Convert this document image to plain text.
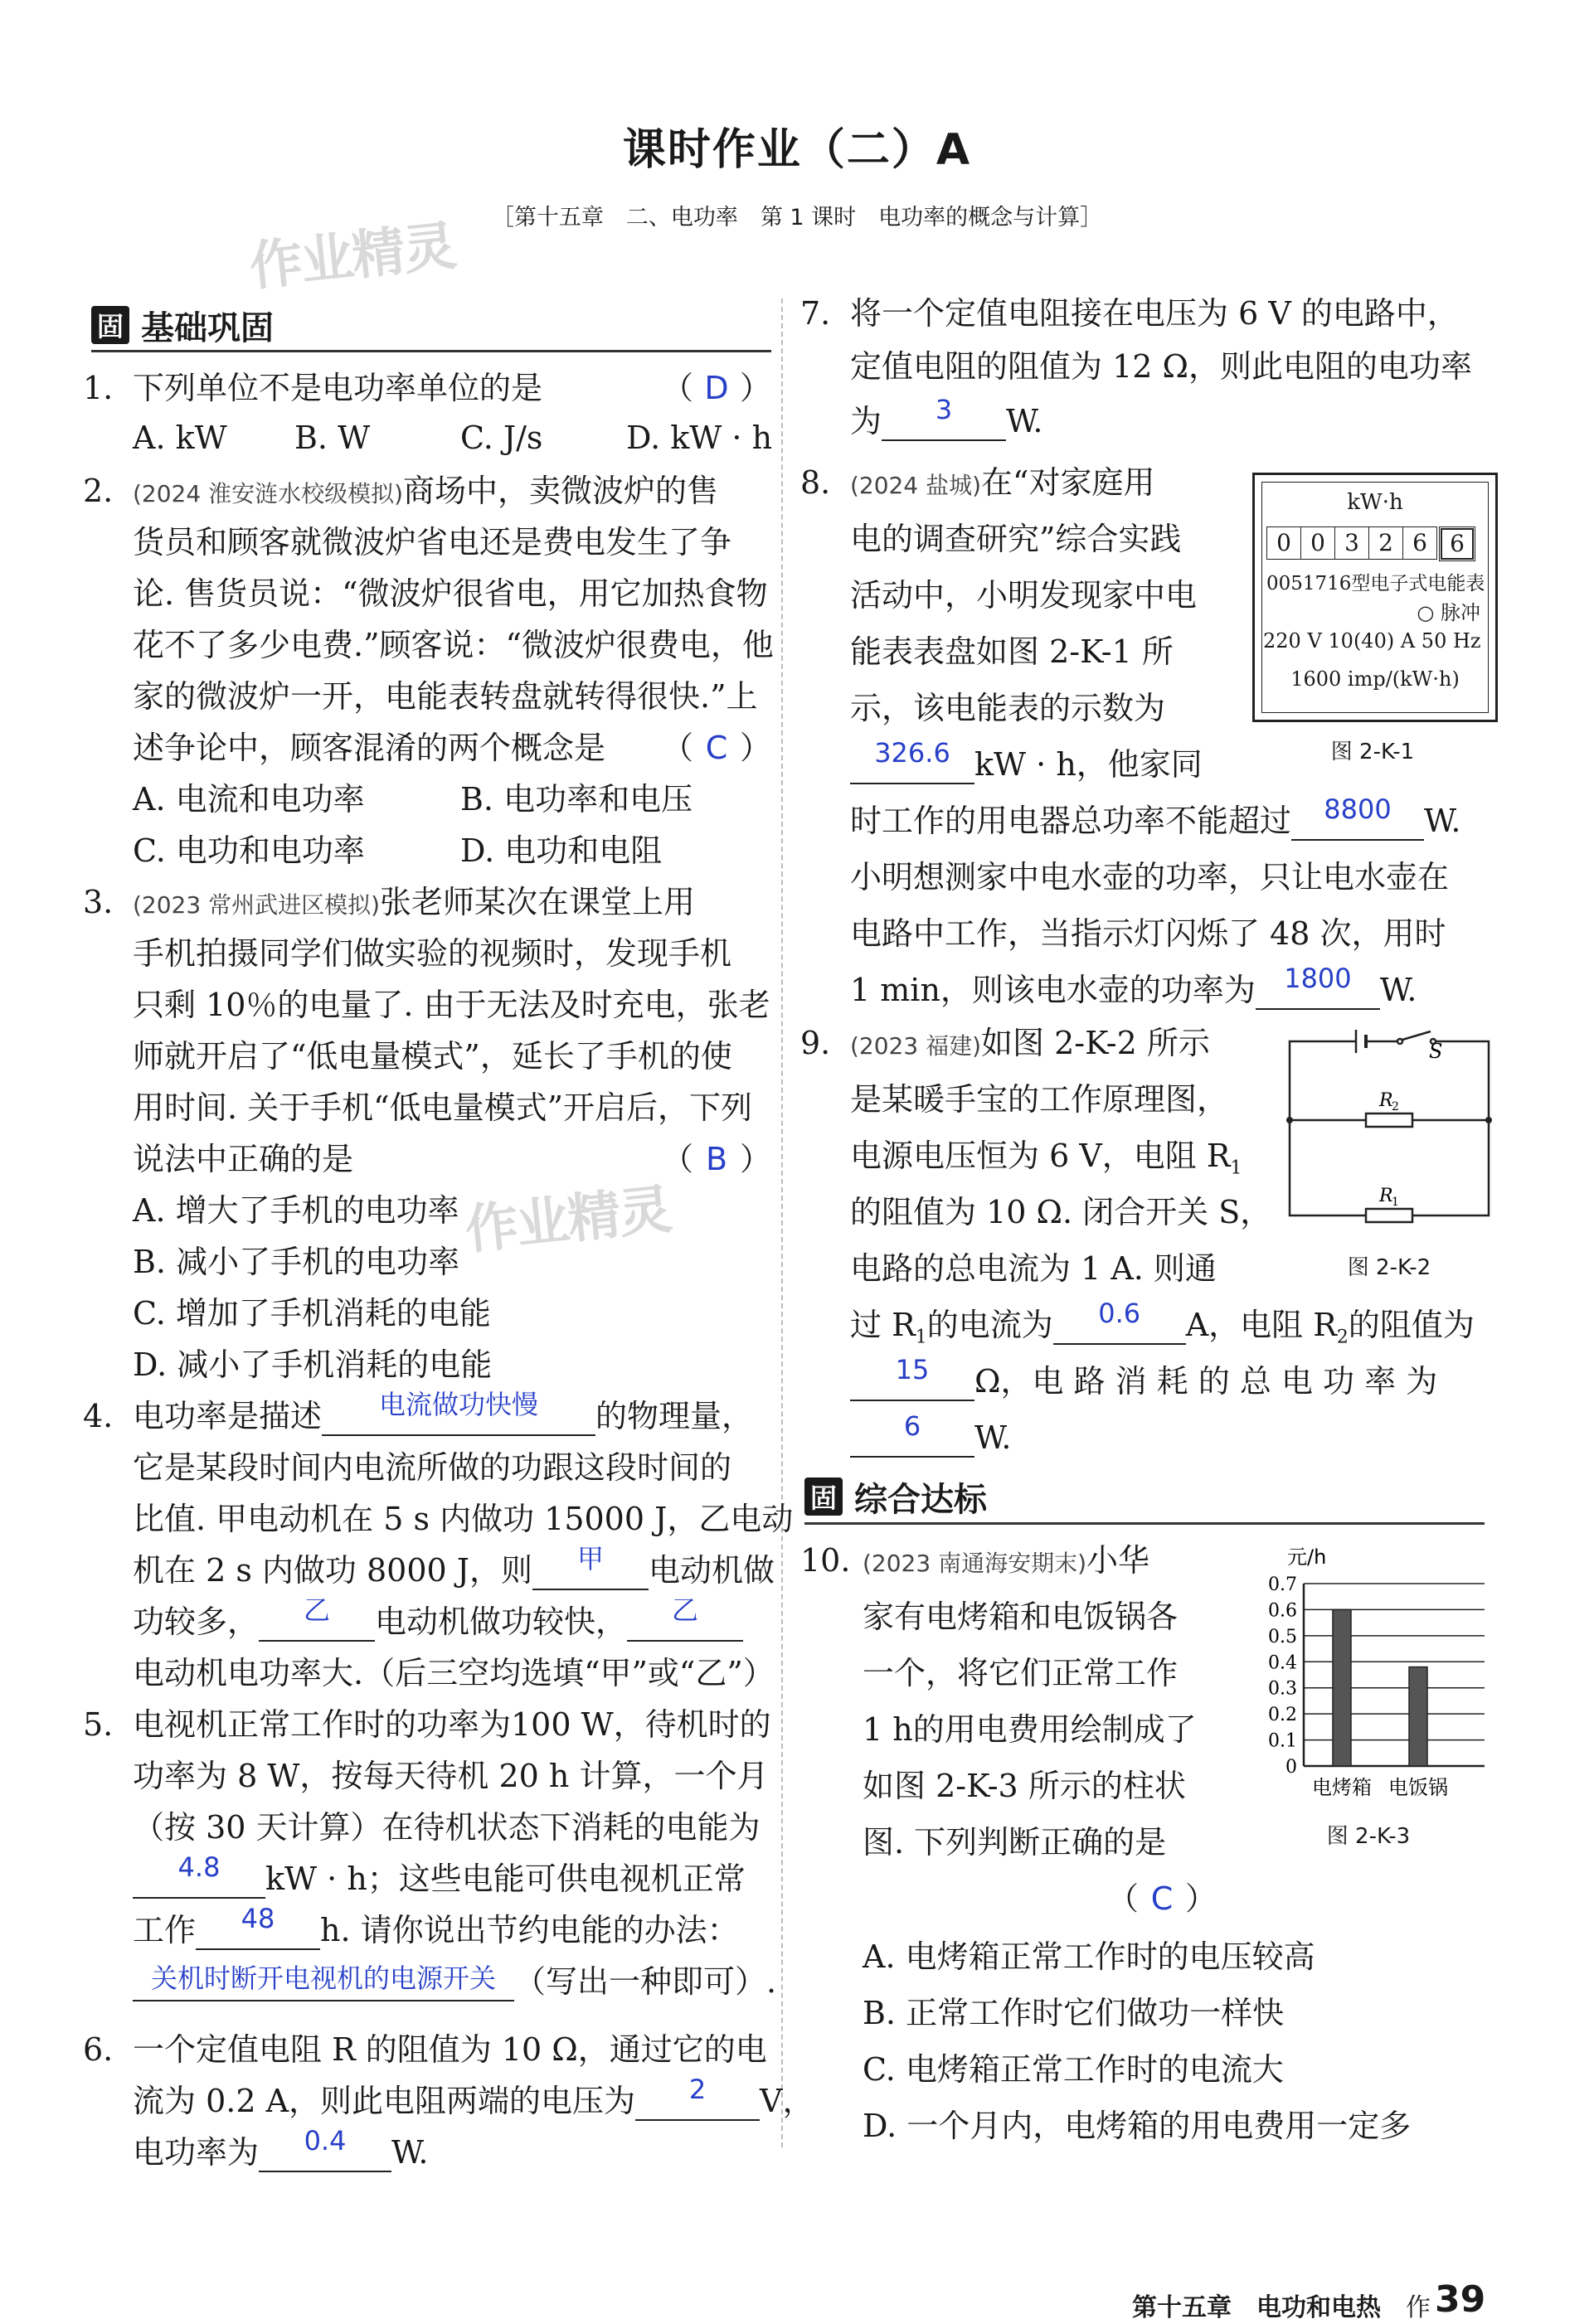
课时作业（二）A
［第十五章　二、电功率　第 1 课时　电功率的概念与计算］
作业精灵
作业精灵
固 基础巩固
1. 下列单位不是电功率单位的是	（ D ）
A. kW B. W	C. J/s	D. kW · h
2. (2024 淮安涟水校级模拟)商场中，卖微波炉的售
货员和顾客就微波炉省电还是费电发生了争
论. 售货员说：“微波炉很省电，用它加热食物
花不了多少电费.”顾客说：“微波炉很费电，他
家的微波炉一开，电能表转盘就转得很快.”上
述争论中，顾客混淆的两个概念是 （ C ）
A. 电流和电功率	B. 电功率和电压
C. 电功和电功率	D. 电功和电阻
3. (2023 常州武进区模拟)张老师某次在课堂上用
手机拍摄同学们做实验的视频时，发现手机
只剩 10％的电量了. 由于无法及时充电，张老
师就开启了“低电量模式”，延长了手机的使
用时间. 关于手机“低电量模式”开启后，下列
说法中正确的是	（ B ）
A. 增大了手机的电功率
B. 减小了手机的电功率
C. 增加了手机消耗的电能
D. 减小了手机消耗的电能
4. 电功率是描述	电流做功快慢	的物理量，
它是某段时间内电流所做的功跟这段时间的
比值. 甲电动机在 5 s 内做功 15000 J，乙电动
机在 2 s 内做功 8000 J，则	甲	电动机做
功较多，	乙	电动机做功较快，	乙
电动机电功率大.（后三空均选填“甲”或“乙”）
5. 电视机正常工作时的功率为100 W，待机时的
功率为 8 W，按每天待机 20 h 计算，一个月
（按 30 天计算）在待机状态下消耗的电能为
4.8	kW · h；这些电能可供电视机正常
工作	48	h. 请你说出节约电能的办法：
关机时断开电视机的电源开关 （写出一种即可）.
6. 一个定值电阻 R 的阻值为 10 Ω，通过它的电
流为 0.2 A，则此电阻两端的电压为	2	V，
电功率为	0.4	W.
7. 将一个定值电阻接在电压为 6 V 的电路中，
定值电阻的阻值为 12 Ω，则此电阻的电功率
为	3	W.
8. (2024 盐城)在“对家庭用
电的调查研究”综合实践
活动中，小明发现家中电
能表表盘如图 2-K-1 所
示，该电能表的示数为
326.6 kW · h，他家同
时工作的用电器总功率不能超过	8800	W.
小明想测家中电水壶的功率，只让电水壶在
电路中工作，当指示灯闪烁了 48 次，用时
1 min，则该电水壶的功率为	1800 W.
kW·h
0 0 3 2 6 6
0051716型电子式电能表
○ 脉冲
220 V 10(40) A 50 Hz
1600 imp/(kW·h)
图 2-K-1
9. (2023 福建)如图 2-K-2 所示
是某暖手宝的工作原理图，
电源电压恒为 6 V，电阻 $R_1$
的阻值为 10 Ω. 闭合开关 S，
电路的总电流为 1 A. 则通
过 $R_1$的电流为	0.6	A，电阻 $R_2$的阻值为
15	Ω，电 路 消 耗 的 总 电 功 率 为
6	W.
S
R
2
R
1
图 2-K-2
固 综合达标
10. (2023 南通海安期末)小华
家有电烤箱和电饭锅各
一个，将它们正常工作
1 h的用电费用绘制成了
如图 2-K-3 所示的柱状
图. 下列判断正确的是
（ C ）
A. 电烤箱正常工作时的电压较高
B. 正常工作时它们做功一样快
C. 电烤箱正常工作时的电流大
D. 一个月内，电烤箱的用电费用一定多
元/h
0
0.1
0.2
0.3
0.4
0.5
0.6
0.7
电烤箱 电饭锅
图 2-K-3
第十五章　电功和电热 作 39
